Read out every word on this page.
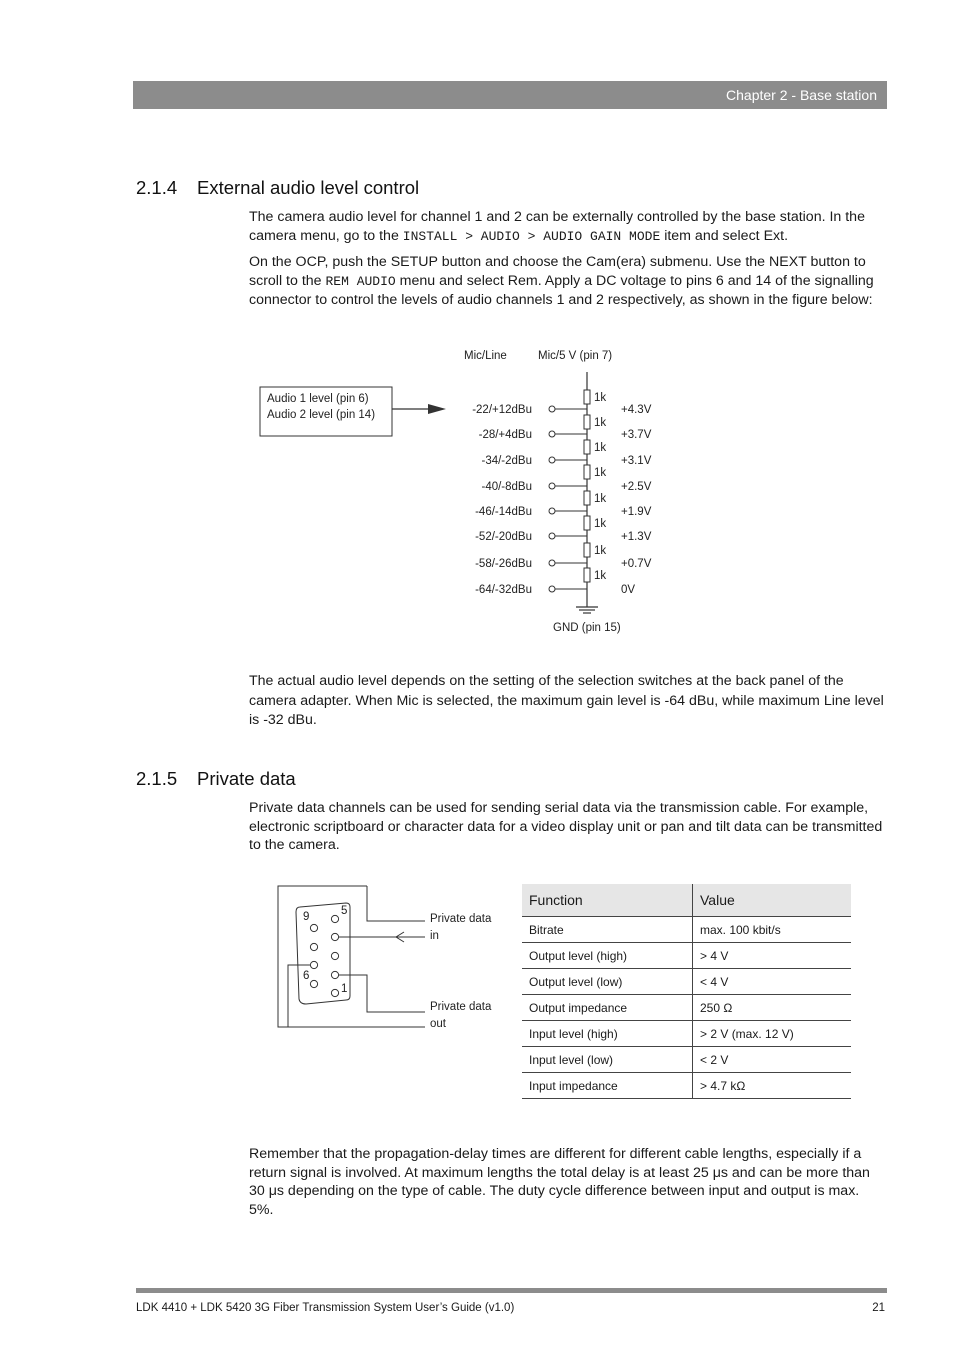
Chapter 2 - Base station
2.1.4 External audio level control

The camera audio level for channel 1 and 2 can be externally controlled by the base station. In the camera menu, go to the INSTALL > AUDIO > AUDIO GAIN MODE item and select Ext.

On the OCP, push the SETUP button and choose the Cam(era) submenu. Use the NEXT button to scroll to the REM AUDIO menu and select Rem. Apply a DC voltage to pins 6 and 14 of the signalling connector to control the levels of audio channels 1 and 2 respectively, as shown in the figure below:

Mic/Line	Mic/5 V (pin 7)
Audio 1 level (pin 6)
Audio 2 level (pin 14)
1k
1k
1k
1k
1k
1k
1k
1k
-22/+12dBu	+4.3V
-28/+4dBu	+3.7V
-34/-2dBu	+3.1V
-40/-8dBu	+2.5V
-46/-14dBu	+1.9V
-52/-20dBu	+1.3V
-58/-26dBu	+0.7V
-64/-32dBu	0V
GND (pin 15)

The actual audio level depends on the setting of the selection switches at the back panel of the camera adapter. When Mic is selected, the maximum gain level is -64 dBu, while maximum Line level is -32 dBu.

2.1.5 Private data

Private data channels can be used for sending serial data via the transmission cable. For example, electronic scriptboard or character data for a video display unit or pan and tilt data can be transmitted to the camera.

5
9
6
1
Private data
in
Private data
out
Function	Value
Bitrate	max. 100 kbit/s
Output level (high)	> 4 V
Output level (low)	< 4 V
Output impedance	250 Ω
Input level (high)	> 2 V (max. 12 V)
Input level (low)	< 2 V
Input impedance	> 4.7 kΩ

Remember that the propagation-delay times are different for different cable lengths, especially if a return signal is involved. At maximum lengths the total delay is at least 25 μs and can be more than 30 μs depending on the type of cable. The duty cycle difference between input and output is max. 5%.

LDK 4410 + LDK 5420 3G Fiber Transmission System User’s Guide (v1.0)	21
